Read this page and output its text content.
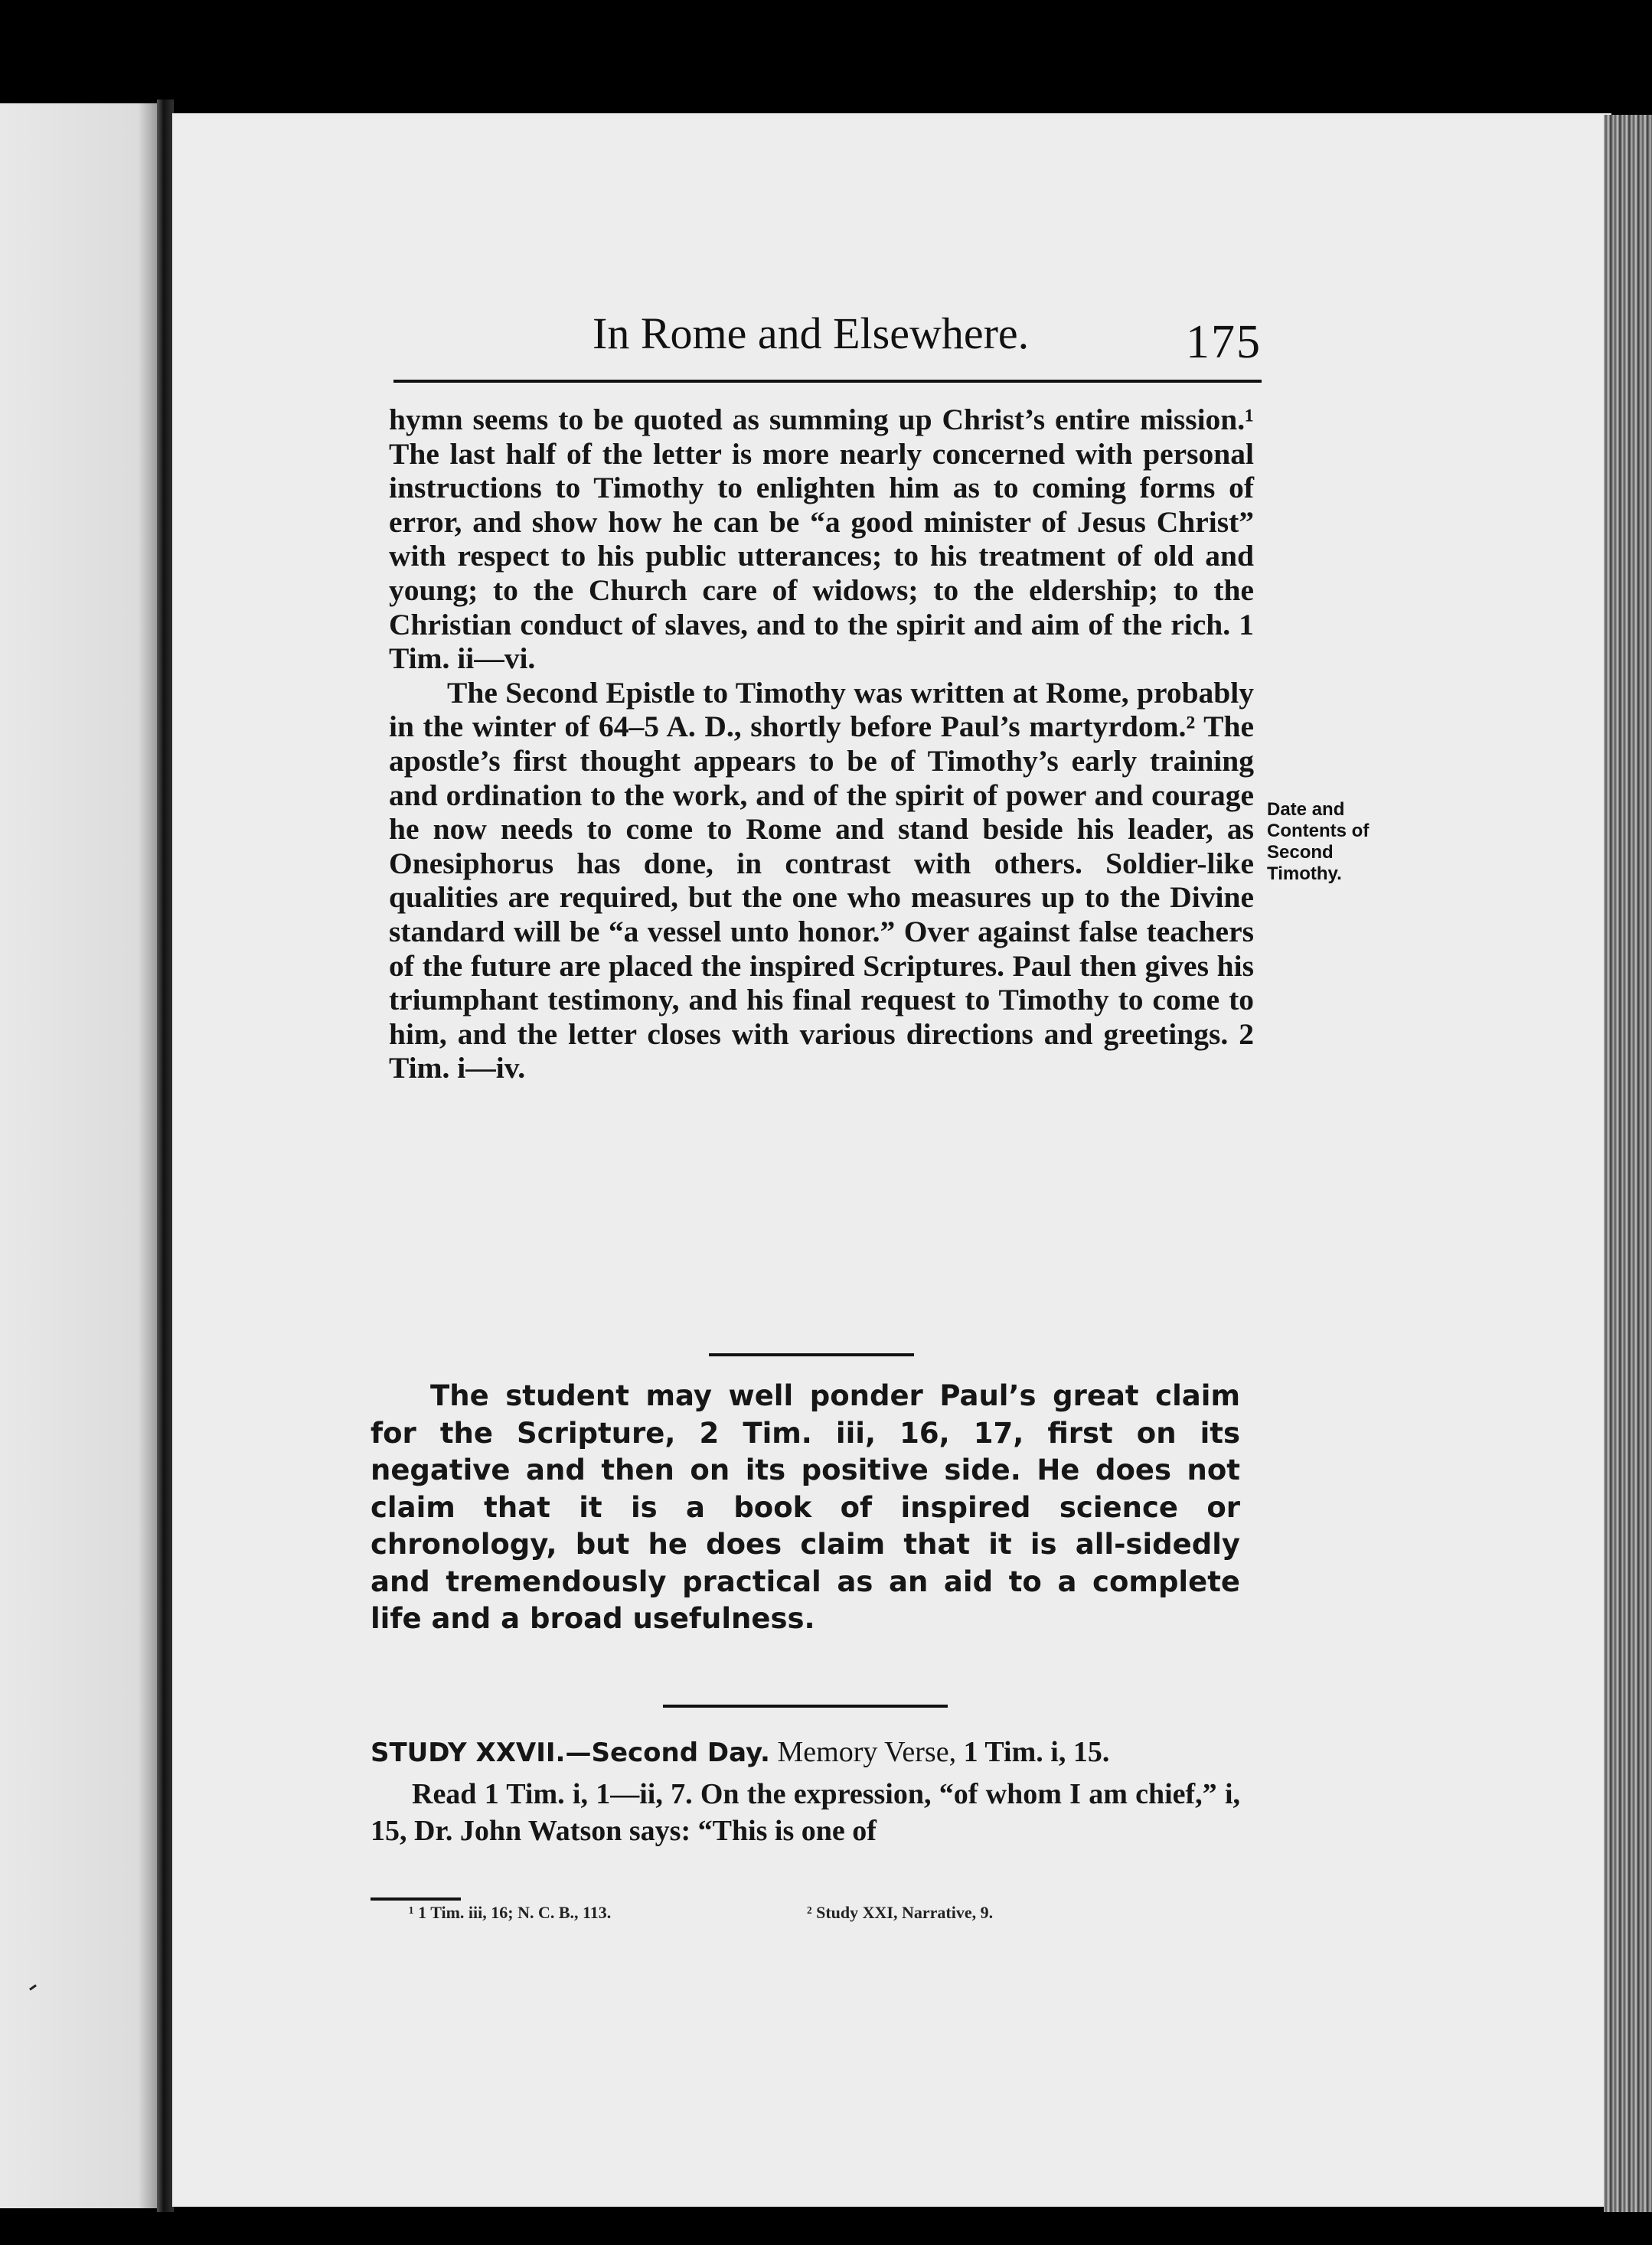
In Rome and Elsewhere.	175

hymn seems to be quoted as summing up Christ’s entire mission.¹ The last half of the letter is more nearly concerned with personal instructions to Timothy to enlighten him as to coming forms of error, and show how he can be “a good minister of Jesus Christ” with respect to his public utterances; to his treatment of old and young; to the Church care of widows; to the eldership; to the Christian conduct of slaves, and to the spirit and aim of the rich. 1 Tim. ii—vi.

The Second Epistle to Timothy was written at Rome, probably in the winter of 64–5 A. D., shortly before Paul’s martyrdom.² The apostle’s first thought appears to be of Timothy’s early training and ordination to the work, and of the spirit of power and courage he now needs to come to Rome and stand beside his leader, as Onesiphorus has done, in contrast with others. Soldier-like qualities are required, but the one who measures up to the Divine standard will be “a vessel unto honor.” Over against false teachers of the future are placed the inspired Scriptures. Paul then gives his triumphant testimony, and his final request to Timothy to come to him, and the letter closes with various directions and greetings. 2 Tim. i—iv.

Date and
Contents of
Second
Timothy.

The student may well ponder Paul’s great claim for the Scripture, 2 Tim. iii, 16, 17, first on its negative and then on its positive side. He does not claim that it is a book of inspired science or chronology, but he does claim that it is all-sidedly and tremendously practical as an aid to a complete life and a broad usefulness.

STUDY XXVII.—Second Day. Memory Verse, 1 Tim. i, 15.

Read 1 Tim. i, 1—ii, 7. On the expression, “of whom I am chief,” i, 15, Dr. John Watson says: “This is one of

¹ 1 Tim. iii, 16; N. C. B., 113.	² Study XXI, Narrative, 9.
